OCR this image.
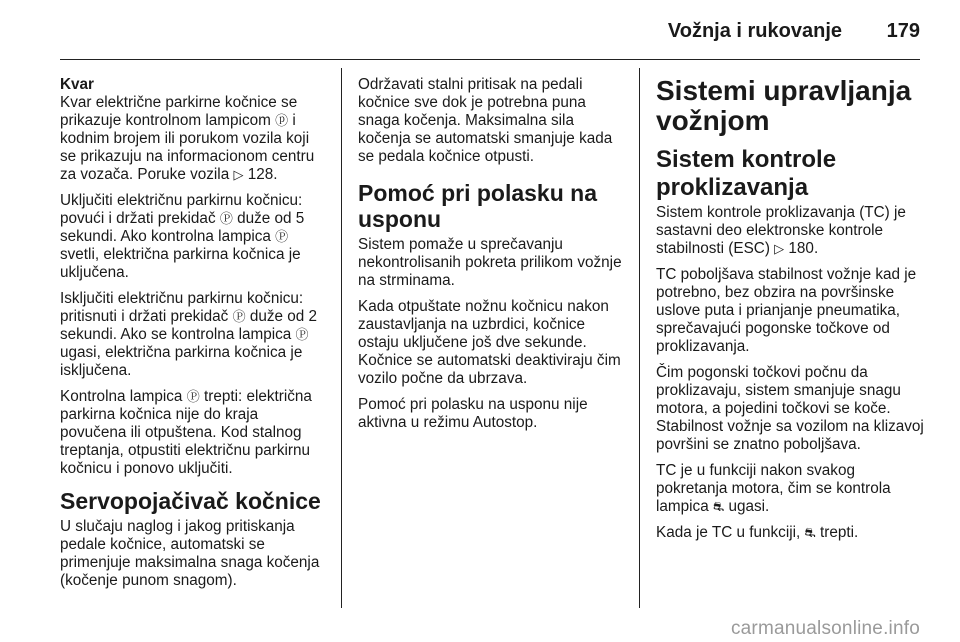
Vožnja i rukovanje 179

Kvar

Kvar električne parkirne kočnice se prikazuje kontrolnom lampicom ⓟ i kodnim brojem ili porukom vozila koji se prikazuju na informacionom centru za vozača. Poruke vozila ▷ 128.

Uključiti električnu parkirnu kočnicu: povući i držati prekidač Ⓟ duže od 5 sekundi. Ako kontrolna lampica Ⓟ svetli, električna parkirna kočnica je uključena.

Isključiti električnu parkirnu kočnicu: pritisnuti i držati prekidač Ⓟ duže od 2 sekundi. Ako se kontrolna lampica Ⓟ ugasi, električna parkirna kočnica je isključena.

Kontrolna lampica Ⓟ trepti: električna parkirna kočnica nije do kraja povučena ili otpuštena. Kod stalnog treptanja, otpustiti električnu parkirnu kočnicu i ponovo uključiti.

Servopojačivač kočnice

U slučaju naglog i jakog pritiskanja pedale kočnice, automatski se primenjuje maksimalna snaga kočenja (kočenje punom snagom).

Održavati stalni pritisak na pedali kočnice sve dok je potrebna puna snaga kočenja. Maksimalna sila kočenja se automatski smanjuje kada se pedala kočnice otpusti.

Pomoć pri polasku na usponu

Sistem pomaže u sprečavanju nekontrolisanih pokreta prilikom vožnje na strminama.

Kada otpuštate nožnu kočnicu nakon zaustavljanja na uzbrdici, kočnice ostaju uključene još dve sekunde. Kočnice se automatski deaktiviraju čim vozilo počne da ubrzava.

Pomoć pri polasku na usponu nije aktivna u režimu Autostop.

Sistemi upravljanja vožnjom
Sistem kontrole proklizavanja

Sistem kontrole proklizavanja (TC) je sastavni deo elektronske kontrole stabilnosti (ESC) ▷ 180.

TC poboljšava stabilnost vožnje kad je potrebno, bez obzira na površinske uslove puta i prianjanje pneumatika, sprečavajući pogonske točkove od proklizavanja.

Čim pogonski točkovi počnu da proklizavaju, sistem smanjuje snagu motora, a pojedini točkovi se koče. Stabilnost vožnje sa vozilom na klizavoj površini se znatno poboljšava.

TC je u funkciji nakon svakog pokretanja motora, čim se kontrola lampica ⛐ ugasi.

Kada je TC u funkciji, ⛐ trepti.

carmanualsonline.info
